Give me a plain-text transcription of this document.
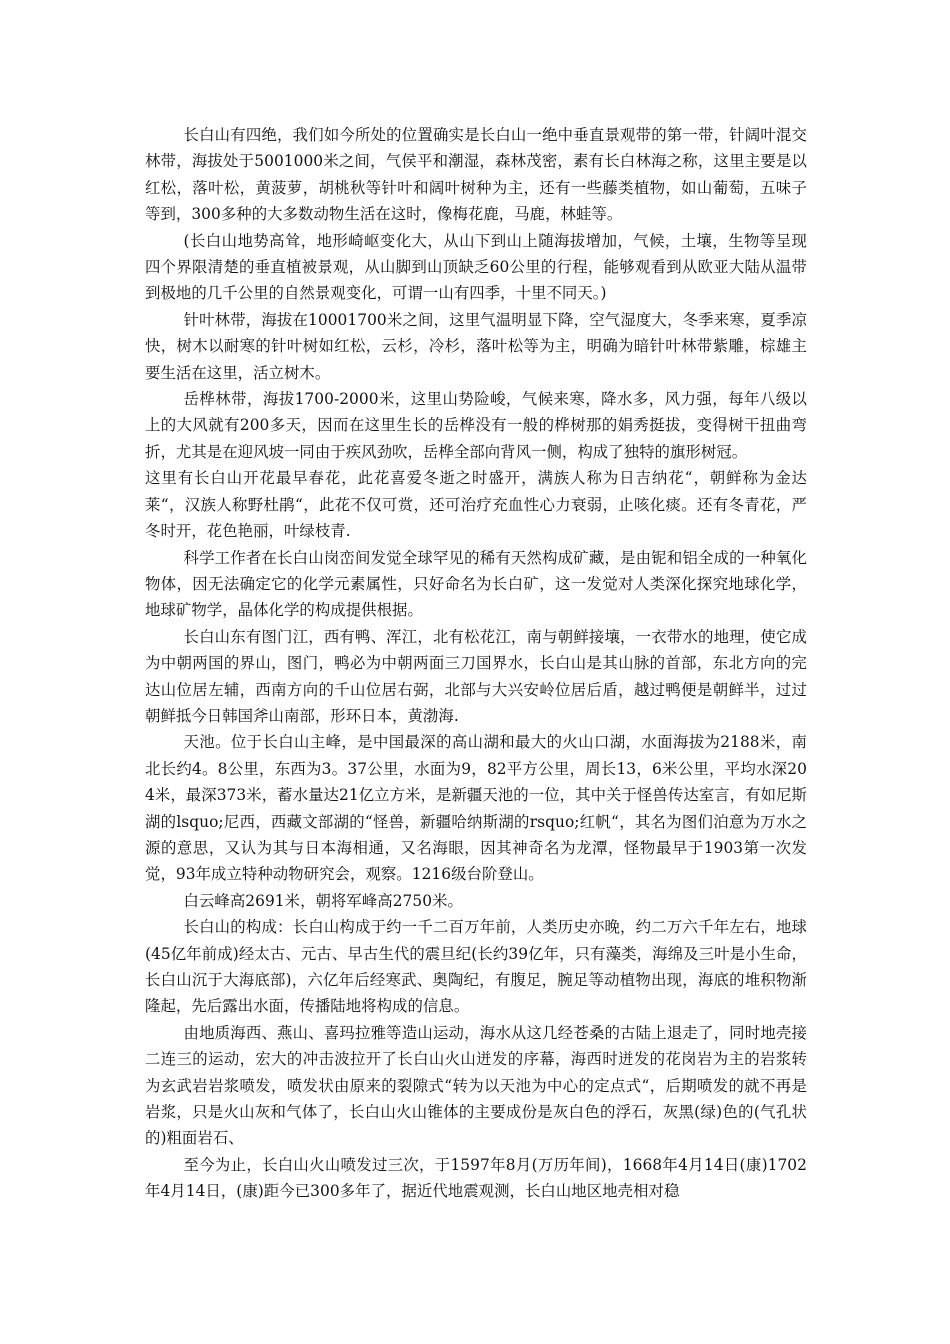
长白山有四绝，我们如今所处的位置确实是长白山一绝中垂直景观带的第一带，针阔叶混交林带，海拔处于5001000米之间，气侯平和潮湿，森林茂密，素有长白林海之称，这里主要是以红松，落叶松，黄菠萝，胡桃秋等针叶和阔叶树种为主，还有一些藤类植物，如山葡萄，五味子等到，300多种的大多数动物生活在这时，像梅花鹿，马鹿，林蛙等。

(长白山地势高耸，地形崎岖变化大，从山下到山上随海拔增加，气候，土壤，生物等呈现四个界限清楚的垂直植被景观，从山脚到山顶缺乏60公里的行程，能够观看到从欧亚大陆从温带到极地的几千公里的自然景观变化，可谓一山有四季，十里不同天。)

针叶林带，海拔在10001700米之间，这里气温明显下降，空气湿度大，冬季来寒，夏季凉快，树木以耐寒的针叶树如红松，云杉，冷杉，落叶松等为主，明确为暗针叶林带紫雕，棕雄主要生活在这里，活立树木。

岳桦林带，海拔1700-2000米，这里山势险峻，气候来寒，降水多，风力强，每年八级以上的大风就有200多天，因而在这里生长的岳桦没有一般的桦树那的娟秀挺拔，变得树干扭曲弯折，尤其是在迎风坡一同由于疾风劲吹，岳桦全部向背风一侧，构成了独特的旗形树冠。

这里有长白山开花最早春花，此花喜爱冬逝之时盛开，满族人称为日吉纳花“，朝鲜称为金达莱“，汉族人称野杜鹃“，此花不仅可赏，还可治疗充血性心力衰弱，止咳化痰。还有冬青花，严冬时开，花色艳丽，叶绿枝青.

科学工作者在长白山岗峦间发觉全球罕见的稀有天然构成矿藏，是由铌和铝全成的一种氧化物体，因无法确定它的化学元素属性，只好命名为长白矿，这一发觉对人类深化探究地球化学，地球矿物学，晶体化学的构成提供根据。

长白山东有图门江，西有鸭、浑江，北有松花江，南与朝鲜接壤，一衣带水的地理，使它成为中朝两国的界山，图门，鸭必为中朝两面三刀国界水，长白山是其山脉的首部，东北方向的完达山位居左辅，西南方向的千山位居右弼，北部与大兴安岭位居后盾，越过鸭便是朝鲜半，过过朝鲜抵今日韩国斧山南部，形环日本，黄渤海.

天池。位于长白山主峰，是中国最深的高山湖和最大的火山口湖，水面海拔为2188米，南北长约4。8公里，东西为3。37公里，水面为9，82平方公里，周长13，6米公里，平均水深204米，最深373米，蓄水量达21亿立方米，是新疆天池的一位，其中关于怪兽传达室言，有如尼斯湖的lsquo;尼西，西藏文部湖的“怪兽，新疆哈纳斯湖的rsquo;红帆“，其名为图们泊意为万水之源的意思，又认为其与日本海相通，又名海眼，因其神奇名为龙潭，怪物最早于1903第一次发觉，93年成立特种动物研究会，观察。1216级台阶登山。

白云峰高2691米，朝将军峰高2750米。

长白山的构成：长白山构成于约一千二百万年前，人类历史亦晚，约二万六千年左右，地球(45亿年前成)经太古、元古、早古生代的震旦纪(长约39亿年，只有藻类，海绵及三叶是小生命，长白山沉于大海底部)，六亿年后经寒武、奥陶纪，有腹足，腕足等动植物出现，海底的堆积物渐隆起，先后露出水面，传播陆地将构成的信息。

由地质海西、燕山、喜玛拉雅等造山运动，海水从这几经苍桑的古陆上退走了，同时地壳接二连三的运动，宏大的冲击波拉开了长白山火山迸发的序幕，海西时迸发的花岗岩为主的岩浆转为玄武岩岩浆喷发，喷发状由原来的裂隙式“转为以天池为中心的定点式“，后期喷发的就不再是岩浆，只是火山灰和气体了，长白山火山锥体的主要成份是灰白色的浮石，灰黑(绿)色的(气孔状的)粗面岩石、

至今为止，长白山火山喷发过三次，于1597年8月(万历年间)，1668年4月14日(康)1702年4月14日，(康)距今已300多年了，据近代地震观测，长白山地区地壳相对稳
